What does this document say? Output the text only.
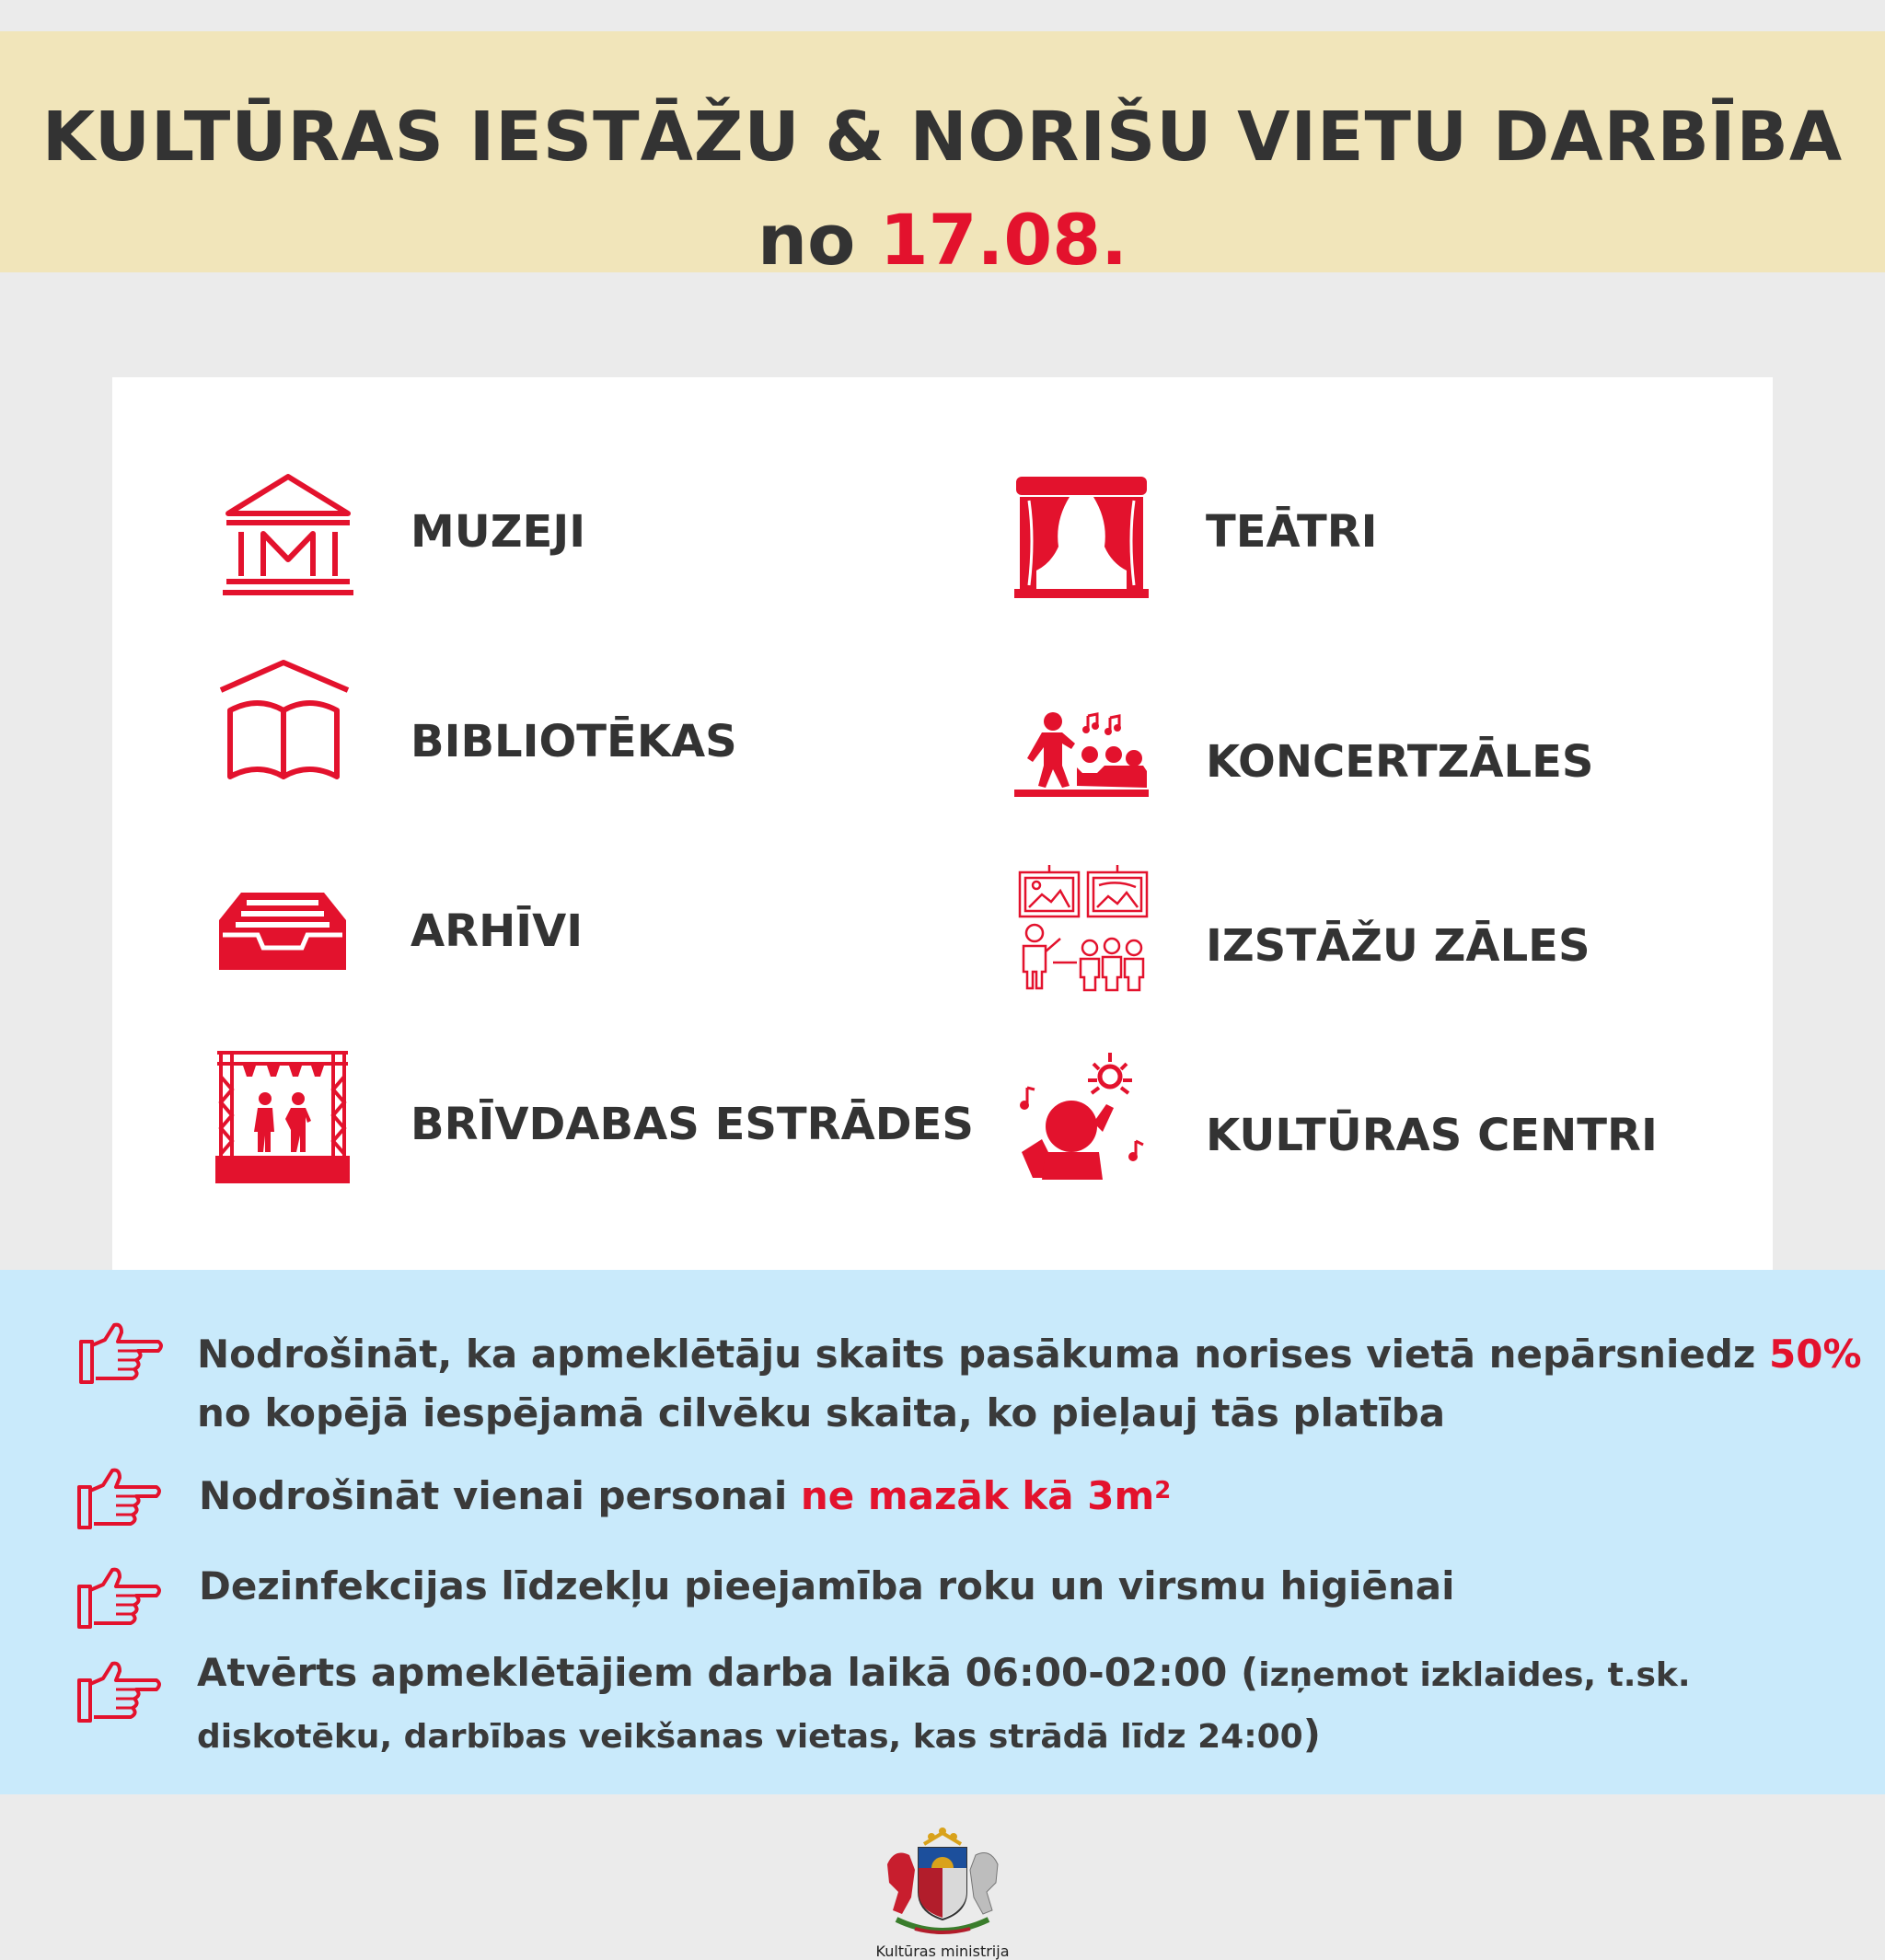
KULTŪRAS IESTĀŽU & NORIŠU VIETU DARBĪBA
no 17.08.
MUZEJI
BIBLIOTĒKAS
ARHĪVI
BRĪVDABAS ESTRĀDES
TEĀTRI
KONCERTZĀLES
IZSTĀŽU ZĀLES
KULTŪRAS CENTRI
Nodrošināt, ka apmeklētāju skaits pasākuma norises vietā nepārsniedz 50%
no kopējā iespējamā cilvēku skaita, ko pieļauj tās platība
Nodrošināt vienai personai ne mazāk kā $3m^2$
Dezinfekcijas līdzekļu pieejamība roku un virsmu higiēnai
Atvērts apmeklētājiem darba laikā 06:00-02:00 (izņemot izklaides, t.sk.
diskotēku, darbības veikšanas vietas, kas strādā līdz 24:00)
Kultūras ministrija
